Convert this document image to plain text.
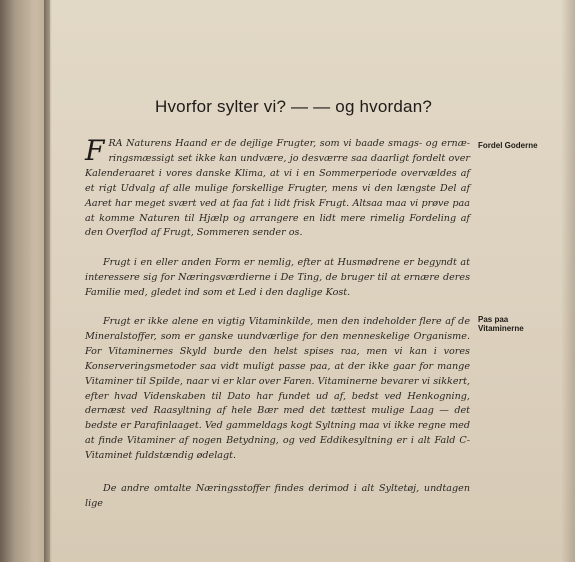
Hvorfor sylter vi? — — og hvordan?
FRA Naturens Haand er de dejlige Frugter, som vi baade smags- og ernæ-ringsmæssigt set ikke kan undvære, jo desværre saa daarligt fordelt over Kalenderaaret i vores danske Klima, at vi i en Sommerperiode overvældes af et rigt Udvalg af alle mulige forskellige Frugter, mens vi den længste Del af Aaret har meget svært ved at faa fat i lidt frisk Frugt. Altsaa maa vi prøve paa at komme Naturen til Hjælp og arrangere en lidt mere rimelig Fordeling af den Overflod af Frugt, Sommeren sender os.
Frugt i en eller anden Form er nemlig, efter at Husmødrene er begyndt at interessere sig for Næringsværdierne i De Ting, de bruger til at ernære deres Familie med, gledet ind som et Led i den daglige Kost.
Frugt er ikke alene en vigtig Vitaminkilde, men den indeholder flere af de Mineralstoffer, som er ganske uundværlige for den menneskelige Organisme. For Vitaminernes Skyld burde den helst spises raa, men vi kan i vores Konserveringsmetoder saa vidt muligt passe paa, at der ikke gaar for mange Vitaminer til Spilde, naar vi er klar over Faren. Vitaminerne bevarer vi sikkert, efter hvad Videnskaben til Dato har fundet ud af, bedst ved Henkogning, dernæst ved Raasyltning af hele Bær med det tættest mulige Laag — det bedste er Parafinlaaget. Ved gammeldags kogt Syltning maa vi ikke regne med at finde Vitaminer af nogen Betydning, og ved Eddikesyltning er i alt Fald C-Vitaminet fuldstændig ødelagt.
De andre omtalte Næringsstoffer findes derimod i alt Syltetøj, undtagen lige
Fordel Goderne
Pas paa
Vitaminerne
